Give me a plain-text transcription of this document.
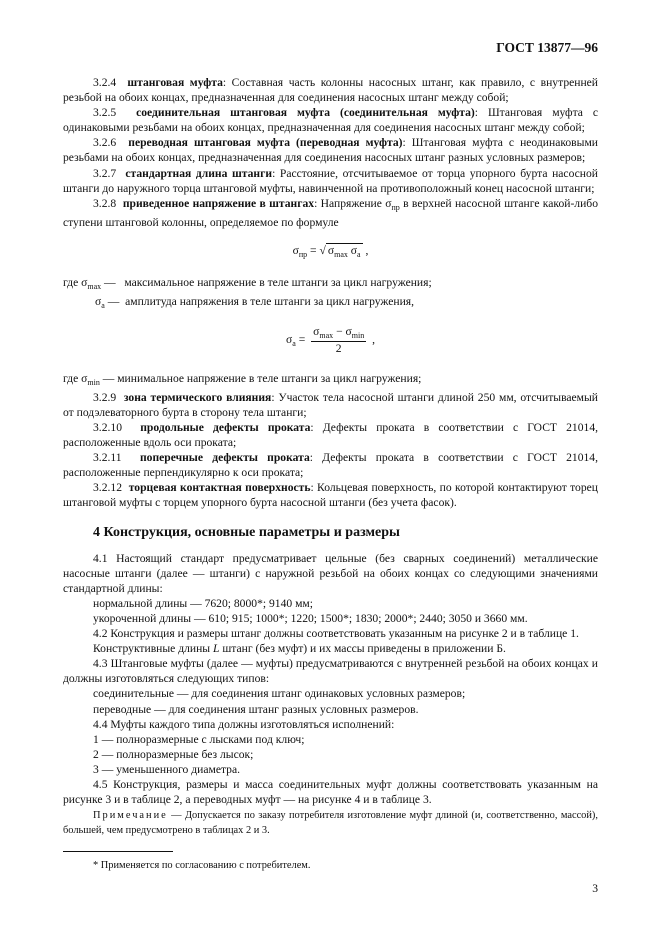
ГОСТ 13877—96

3.2.4 штанговая муфта: Составная часть колонны насосных штанг, как правило, с внутренней резьбой на обоих концах, предназначенная для соединения насосных штанг между собой;

3.2.5 соединительная штанговая муфта (соединительная муфта): Штанговая муфта с одинаковыми резьбами на обоих концах, предназначенная для соединения насосных штанг между собой;

3.2.6 переводная штанговая муфта (переводная муфта): Штанговая муфта с неодинаковыми резьбами на обоих концах, предназначенная для соединения насосных штанг разных условных размеров;

3.2.7 стандартная длина штанги: Расстояние, отсчитываемое от торца упорного бурта насосной штанги до наружного торца штанговой муфты, навинченной на противоположный конец насосной штанги;

3.2.8 приведенное напряжение в штангах: Напряжение $\sigma_{пр}$ в верхней насосной штанге какой-либо ступени штанговой колонны, определяемое по формуле

$\sigma_{пр}$ = √ $\sigma_{max}$ $\sigma_a$ ,
где $\sigma_{max}$ — максимальное напряжение в теле штанги за цикл нагружения;
$\sigma_a$ — амплитуда напряжения в теле штанги за цикл нагружения,
$\sigma_a = \frac{\sigma_{max} - \sigma_{min}}{2}$ ,

где $\sigma_{min}$ — минимальное напряжение в теле штанги за цикл нагружения;

3.2.9 зона термического влияния: Участок тела насосной штанги длиной 250 мм, отсчитываемый от подэлеваторного бурта в сторону тела штанги;

3.2.10 продольные дефекты проката: Дефекты проката в соответствии с ГОСТ 21014, расположенные вдоль оси проката;

3.2.11 поперечные дефекты проката: Дефекты проката в соответствии с ГОСТ 21014, расположенные перпендикулярно к оси проката;

3.2.12 торцевая контактная поверхность: Кольцевая поверхность, по которой контактируют торец штанговой муфты с торцем упорного бурта насосной штанги (без учета фасок).

4 Конструкция, основные параметры и размеры

4.1 Настоящий стандарт предусматривает цельные (без сварных соединений) металлические насосные штанги (далее — штанги) с наружной резьбой на обоих концах со следующими значениями стандартной длины:

нормальной длины — 7620; 8000*; 9140 мм;

укороченной длины — 610; 915; 1000*; 1220; 1500*; 1830; 2000*; 2440; 3050 и 3660 мм.

4.2 Конструкция и размеры штанг должны соответствовать указанным на рисунке 2 и в таблице 1.

Конструктивные длины L штанг (без муфт) и их массы приведены в приложении Б.

4.3 Штанговые муфты (далее — муфты) предусматриваются с внутренней резьбой на обоих концах и должны изготовляться следующих типов:

соединительные — для соединения штанг одинаковых условных размеров;

переводные — для соединения штанг разных условных размеров.

4.4 Муфты каждого типа должны изготовляться исполнений:

1 — полноразмерные с лысками под ключ;

2 — полноразмерные без лысок;

3 — уменьшенного диаметра.

4.5 Конструкция, размеры и масса соединительных муфт должны соответствовать указанным на рисунке 3 и в таблице 2, а переводных муфт — на рисунке 4 и в таблице 3.

Примечание — Допускается по заказу потребителя изготовление муфт длиной (и, соответственно, массой), большей, чем предусмотрено в таблицах 2 и 3.

* Применяется по согласованию с потребителем.

3
